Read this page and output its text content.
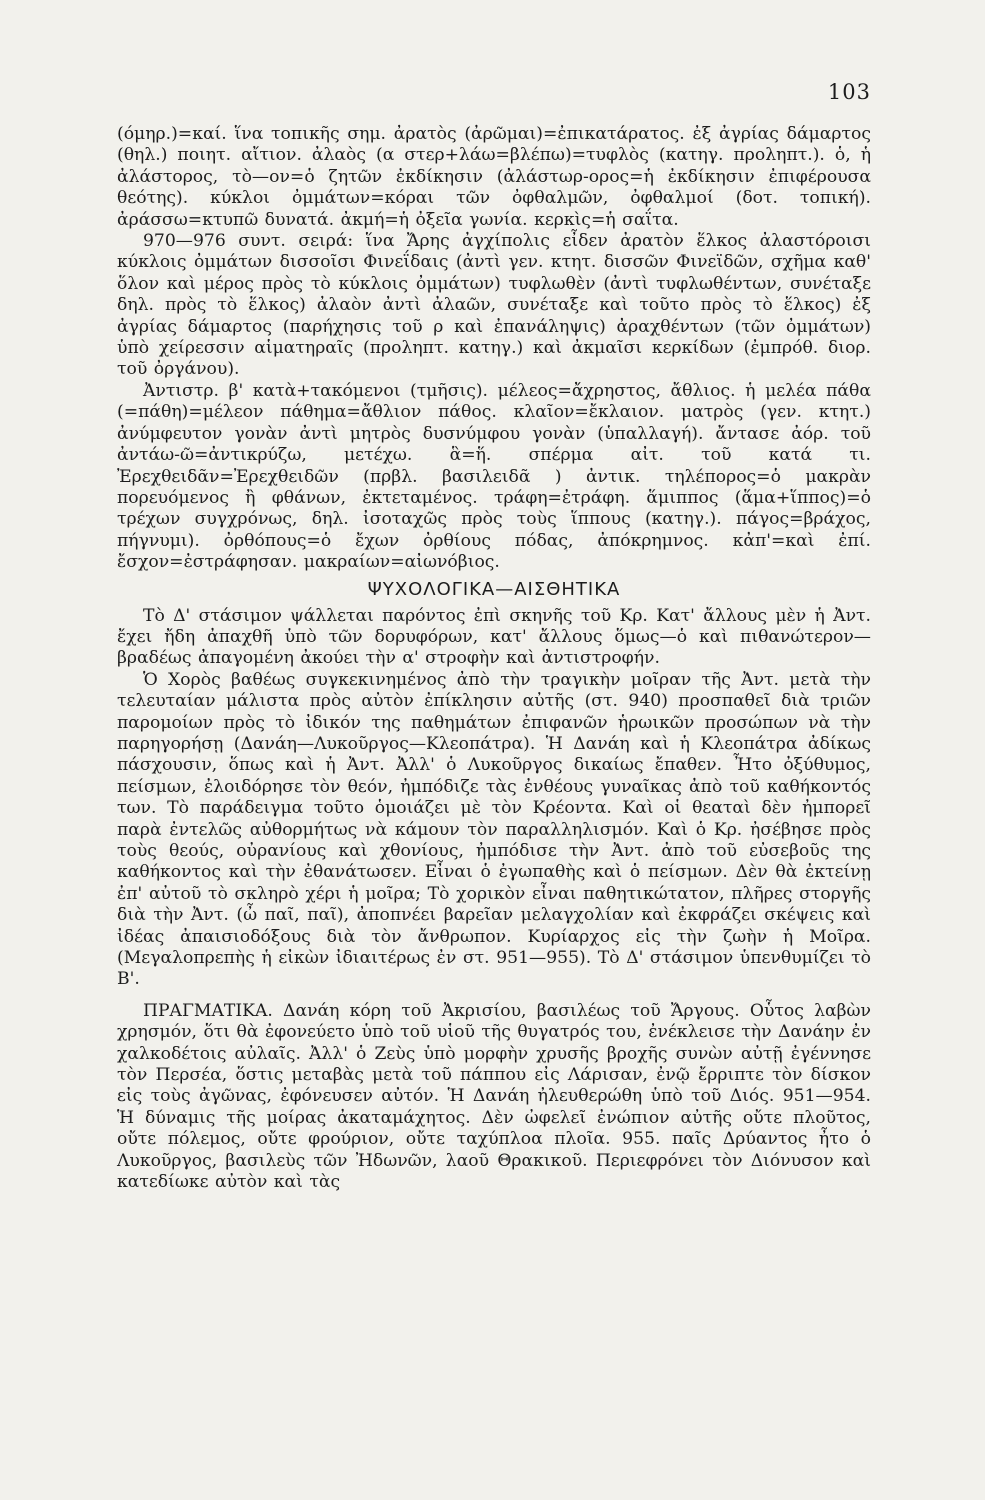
103

(όμηρ.)=καί. ἵνα τοπικῆς σημ. ἀρατὸς (ἀρῶμαι)=ἐπικατάρατος. ἐξ ἀγρίας δάμαρτος (θηλ.) ποιητ. αἴτιον. ἀλαὸς (α στερ+λάω=βλέπω)=τυφλὸς (κατηγ. προληπτ.). ὁ, ἡ ἀλάστορος, τὸ—ον=ὁ ζητῶν ἐκδίκησιν (ἀλάστωρ-ορος=ἡ ἐκδίκησιν ἐπιφέρουσα θεότης). κύκλοι ὀμμάτων=κόραι τῶν ὀφθαλμῶν, ὀφθαλμοί (δοτ. τοπική). ἀράσσω=κτυπῶ δυνατά. ἀκμή=ἡ ὀξεῖα γωνία. κερκὶς=ἡ σαΐτα.

970—976 συντ. σειρά: ἵνα Ἄρης ἀγχίπολις εἶδεν ἀρατὸν ἕλκος ἀλαστόροισι κύκλοις ὀμμάτων δισσοῖσι Φινεΐδαις (ἀντὶ γεν. κτητ. δισσῶν Φινεϊδῶν, σχῆμα καθ' ὅλον καὶ μέρος πρὸς τὸ κύκλοις ὀμμάτων) τυφλωθὲν (ἀντὶ τυφλωθέντων, συνέταξε δηλ. πρὸς τὸ ἕλκος) ἀλαὸν ἀντὶ ἀλαῶν, συνέταξε καὶ τοῦτο πρὸς τὸ ἕλκος) ἐξ ἀγρίας δάμαρτος (παρήχησις τοῦ ρ καὶ ἐπανάληψις) ἀραχθέντων (τῶν ὀμμάτων) ὑπὸ χείρεσσιν αἱματηραῖς (προληπτ. κατηγ.) καὶ ἀκμαῖσι κερκίδων (ἐμπρόθ. διορ. τοῦ ὀργάνου).

Ἀντιστρ. β' κατὰ+τακόμενοι (τμῆσις). μέλεος=ἄχρηστος, ἄθλιος. ἡ μελέα πάθα (=πάθη)=μέλεον πάθημα=ἄθλιον πάθος. κλαῖον=ἔκλαιον. ματρὸς (γεν. κτητ.) ἀνύμφευτον γονὰν ἀντὶ μητρὸς δυσνύμφου γονὰν (ὑπαλλαγή). ἄντασε ἀόρ. τοῦ ἀντάω-ῶ=ἀντικρύζω, μετέχω. ἃ=ἥ. σπέρμα αἰτ. τοῦ κατά τι. Ἐρεχθειδᾶν=Ἐρεχθειδῶν (πρβλ. βασιλειδᾶ ) ἀντικ. τηλέπορος=ὁ μακρὰν πορευόμενος ἢ φθάνων, ἐκτεταμένος. τράφη=ἐτράφη. ἅμιππος (ἅμα+ἵππος)=ὁ τρέχων συγχρόνως, δηλ. ἰσοταχῶς πρὸς τοὺς ἵππους (κατηγ.). πάγος=βράχος, πήγνυμι). ὀρθόπους=ὁ ἔχων ὀρθίους πόδας, ἀπόκρημνος. κἀπ'=καὶ ἐπί. ἔσχον=ἐστράφησαν. μακραίων=αἰωνόβιος.

ΨΥΧΟΛΟΓΙΚΑ—ΑΙΣΘΗΤΙΚΑ

Τὸ Δ' στάσιμον ψάλλεται παρόντος ἐπὶ σκηνῆς τοῦ Κρ. Κατ' ἄλλους μὲν ἡ Ἀντ. ἔχει ἤδη ἀπαχθῆ ὑπὸ τῶν δορυφόρων, κατ' ἄλλους ὅμως—ὁ καὶ πιθανώτερον—βραδέως ἀπαγομένη ἀκούει τὴν α' στροφὴν καὶ ἀντιστροφήν.

Ὁ Χορὸς βαθέως συγκεκινημένος ἀπὸ τὴν τραγικὴν μοῖραν τῆς Ἀντ. μετὰ τὴν τελευταίαν μάλιστα πρὸς αὐτὸν ἐπίκλησιν αὐτῆς (στ. 940) προσπαθεῖ διὰ τριῶν παρομοίων πρὸς τὸ ἰδικόν της παθημάτων ἐπιφανῶν ἡρωικῶν προσώπων νὰ τὴν παρηγορήσῃ (Δανάη—Λυκοῦργος—Κλεοπάτρα). Ἡ Δανάη καὶ ἡ Κλεοπάτρα ἀδίκως πάσχουσιν, ὅπως καὶ ἡ Ἀντ. Ἀλλ' ὁ Λυκοῦργος δικαίως ἔπαθεν. Ἦτο ὀξύθυμος, πείσμων, ἐλοιδόρησε τὸν θεόν, ἠμπόδιζε τὰς ἐνθέους γυναῖκας ἀπὸ τοῦ καθήκοντός των. Τὸ παράδειγμα τοῦτο ὁμοιάζει μὲ τὸν Κρέοντα. Καὶ οἱ θεαταὶ δὲν ἠμπορεῖ παρὰ ἐντελῶς αὐθορμήτως νὰ κάμουν τὸν παραλληλισμόν. Καὶ ὁ Κρ. ἠσέβησε πρὸς τοὺς θεούς, οὐρανίους καὶ χθονίους, ἠμπόδισε τὴν Ἀντ. ἀπὸ τοῦ εὐσεβοῦς της καθήκοντος καὶ τὴν ἐθανάτωσεν. Εἶναι ὁ ἐγωπαθὴς καὶ ὁ πείσμων. Δὲν θὰ ἐκτείνῃ ἐπ' αὐτοῦ τὸ σκληρὸ χέρι ἡ μοῖρα; Τὸ χορικὸν εἶναι παθητικώτατον, πλῆρες στοργῆς διὰ τὴν Ἀντ. (ὦ παῖ, παῖ), ἀποπνέει βαρεῖαν μελαγχολίαν καὶ ἐκφράζει σκέψεις καὶ ἰδέας ἀπαισιοδόξους διὰ τὸν ἄνθρωπον. Κυρίαρχος εἰς τὴν ζωὴν ἡ Μοῖρα. (Μεγαλοπρεπὴς ἡ εἰκὼν ἰδιαιτέρως ἐν στ. 951—955). Τὸ Δ' στάσιμον ὑπενθυμίζει τὸ Β'.

ΠΡΑΓΜΑΤΙΚΑ. Δανάη κόρη τοῦ Ἀκρισίου, βασιλέως τοῦ Ἄργους. Οὗτος λαβὼν χρησμόν, ὅτι θὰ ἐφονεύετο ὑπὸ τοῦ υἱοῦ τῆς θυγατρός του, ἐνέκλεισε τὴν Δανάην ἐν χαλκοδέτοις αὐλαῖς. Ἀλλ' ὁ Ζεὺς ὑπὸ μορφὴν χρυσῆς βροχῆς συνὼν αὐτῇ ἐγέννησε τὸν Περσέα, ὅστις μεταβὰς μετὰ τοῦ πάππου εἰς Λάρισαν, ἐνῷ ἔρριπτε τὸν δίσκον εἰς τοὺς ἀγῶνας, ἐφόνευσεν αὐτόν. Ἡ Δανάη ἠλευθερώθη ὑπὸ τοῦ Διός. 951—954. Ἡ δύναμις τῆς μοίρας ἀκαταμάχητος. Δὲν ὠφελεῖ ἐνώπιον αὐτῆς οὔτε πλοῦτος, οὔτε πόλεμος, οὔτε φρούριον, οὔτε ταχύπλοα πλοῖα. 955. παῖς Δρύαντος ἦτο ὁ Λυκοῦργος, βασιλεὺς τῶν Ἠδωνῶν, λαοῦ Θρακικοῦ. Περιεφρόνει τὸν Διόνυσον καὶ κατεδίωκε αὐτὸν καὶ τὰς
